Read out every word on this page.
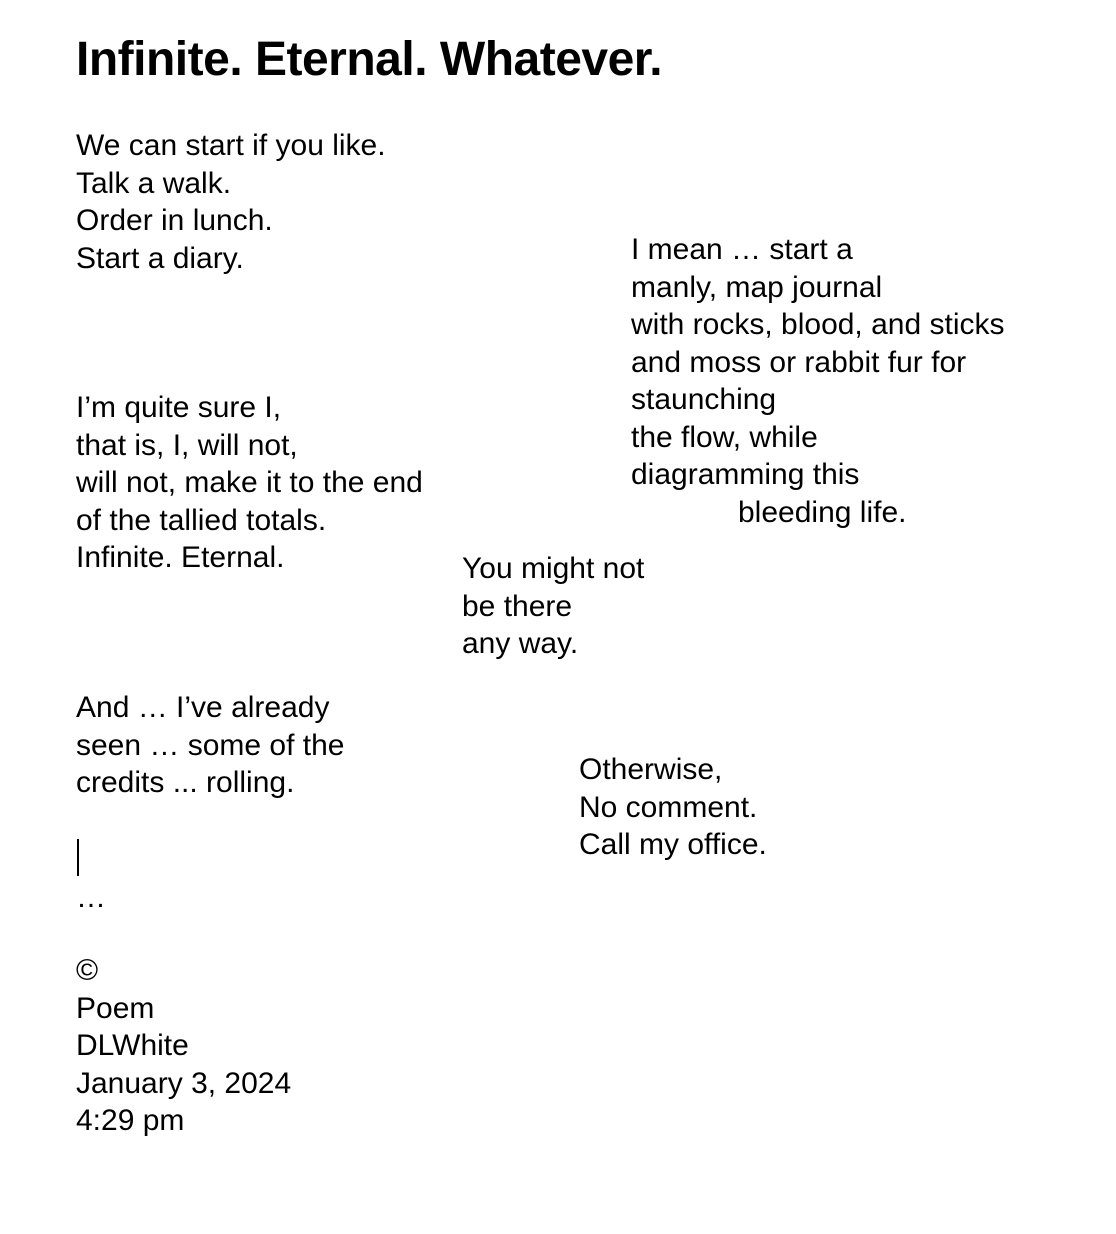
Infinite. Eternal. Whatever.
We can start if you like.
Talk a walk.
Order in lunch.
Start a diary.	I mean … start a
manly, map journal
with rocks, blood, and sticks
and moss or rabbit fur for
staunching
the flow, while
diagramming this
bleeding life.
I’m quite sure I,
that is, I, will not,
will not, make it to the end
of the tallied totals.
Infinite. Eternal.	You might not
be there
any way.
And … I’ve already
seen … some of the
credits ... rolling.	Otherwise,
No comment.
Call my office.
…
©
Poem
DLWhite
January 3, 2024
4:29 pm
